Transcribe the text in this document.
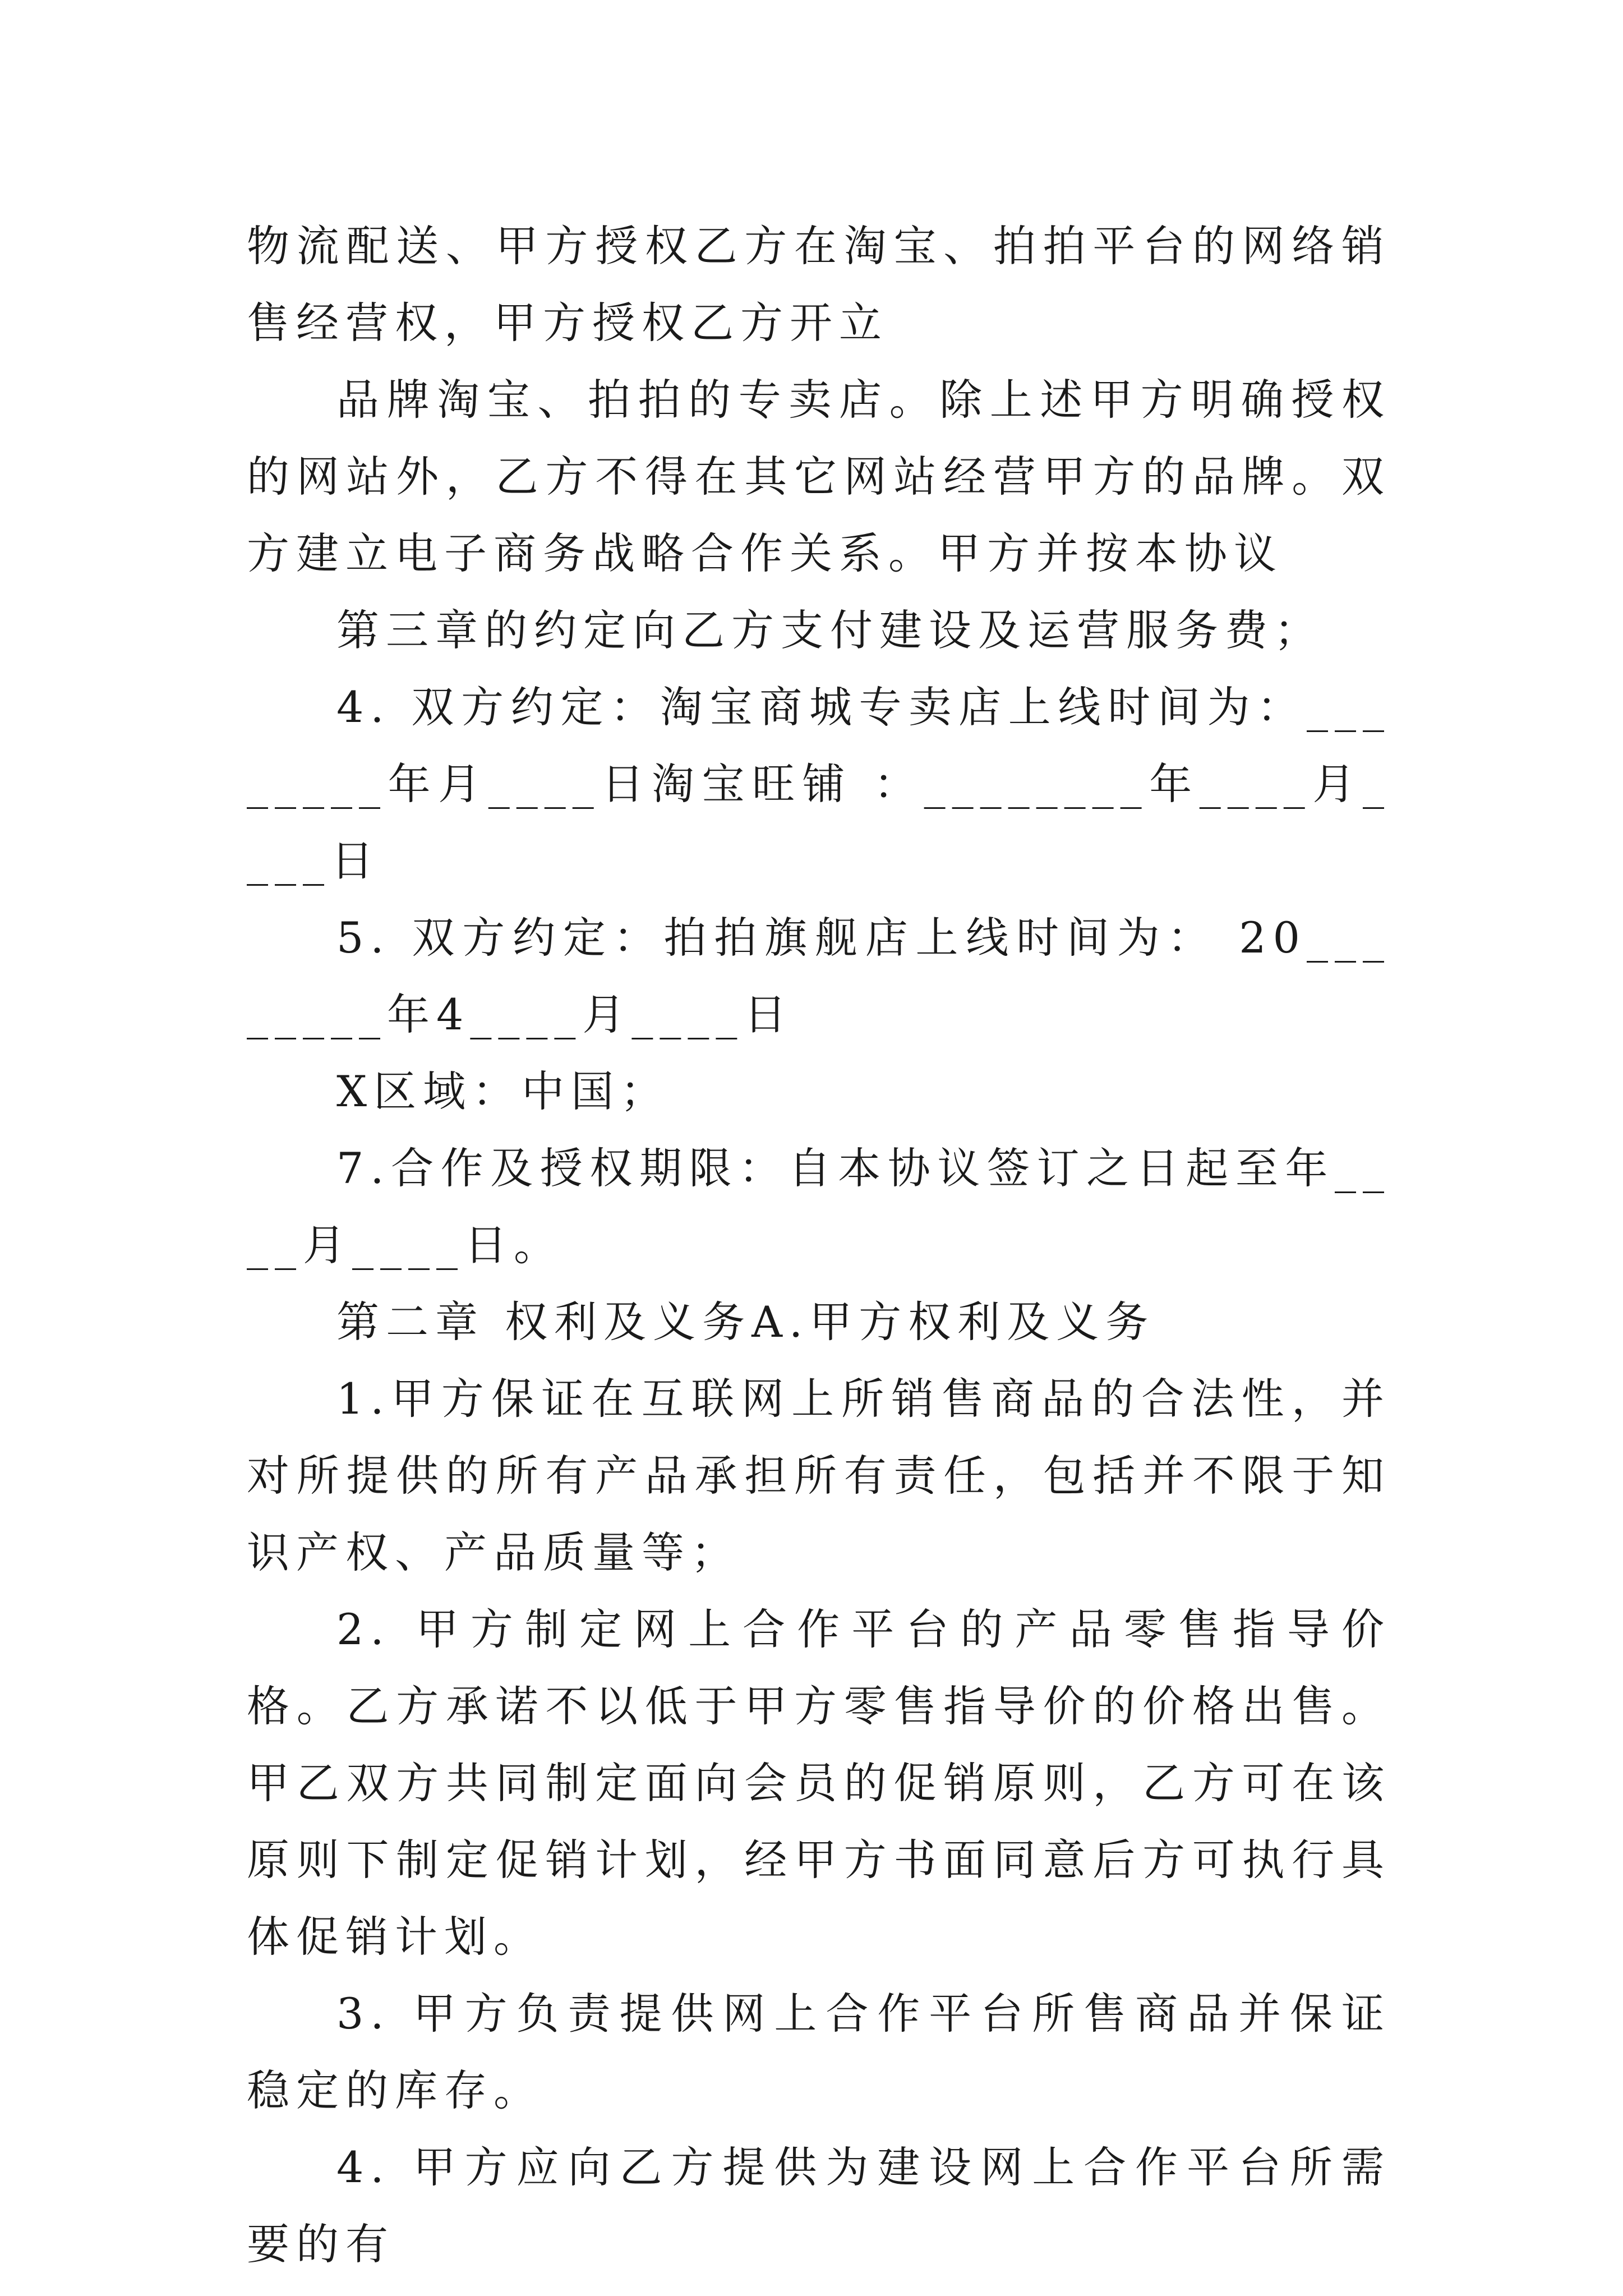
物流配送、甲方授权乙方在淘宝、拍拍平台的网络销售经营权，甲方授权乙方开立

品牌淘宝、拍拍的专卖店。除上述甲方明确授权的网站外，乙方不得在其它网站经营甲方的品牌。双方建立电子商务战略合作关系。甲方并按本协议

第三章的约定向乙方支付建设及运营服务费；

4. 双方约定：淘宝商城专卖店上线时间为：________年月____日淘宝旺铺 ：________年____月____日

5. 双方约定：拍拍旗舰店上线时间为： 20________年4____月____日

X区域：中国；

7.合作及授权期限：自本协议签订之日起至年____月____日。

第二章 权利及义务A.甲方权利及义务

1.甲方保证在互联网上所销售商品的合法性，并对所提供的所有产品承担所有责任，包括并不限于知识产权、产品质量等；

2. 甲方制定网上合作平台的产品零售指导价格。乙方承诺不以低于甲方零售指导价的价格出售。甲乙双方共同制定面向会员的促销原则，乙方可在该原则下制定促销计划，经甲方书面同意后方可执行具体促销计划。

3. 甲方负责提供网上合作平台所售商品并保证稳定的库存。

4. 甲方应向乙方提供为建设网上合作平台所需要的有
